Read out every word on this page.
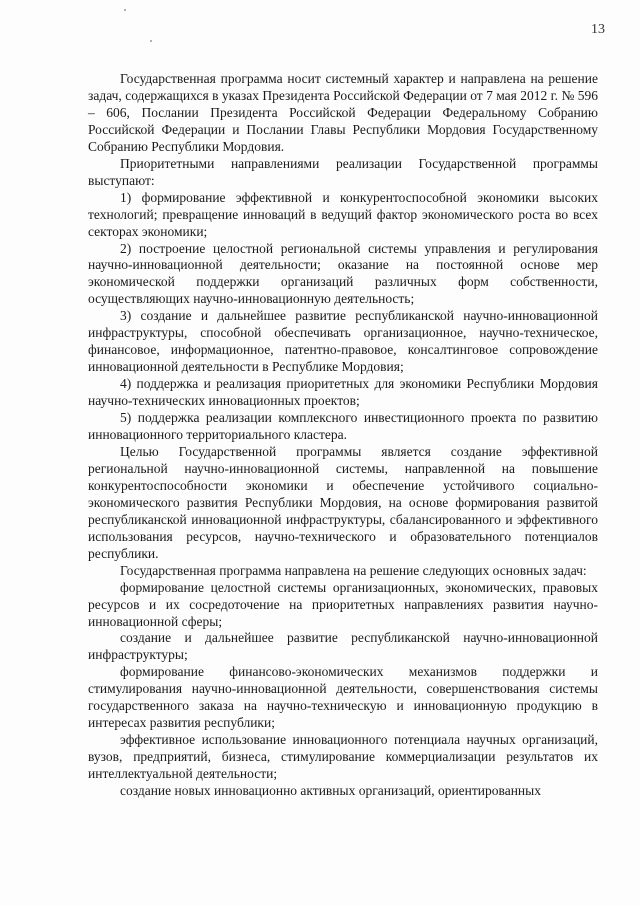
13

Государственная программа носит системный характер и направлена на решение задач, содержащихся в указах Президента Российской Федерации от 7 мая 2012 г. № 596 – 606, Послании Президента Российской Федерации Федеральному Собранию Российской Федерации и Послании Главы Республики Мордовия Государственному Собранию Республики Мордовия.

Приоритетными направлениями реализации Государственной программы выступают:

1) формирование эффективной и конкурентоспособной экономики высоких технологий; превращение инноваций в ведущий фактор экономического роста во всех секторах экономики;

2) построение целостной региональной системы управления и регулирования научно-инновационной деятельности; оказание на постоянной основе мер экономической поддержки организаций различных форм собственности, осуществляющих научно-инновационную деятельность;

3) создание и дальнейшее развитие республиканской научно-инновационной инфраструктуры, способной обеспечивать организационное, научно-техническое, финансовое, информационное, патентно-правовое, консалтинговое сопровождение инновационной деятельности в Республике Мордовия;

4) поддержка и реализация приоритетных для экономики Республики Мордовия научно-технических инновационных проектов;

5) поддержка реализации комплексного инвестиционного проекта по развитию инновационного территориального кластера.

Целью Государственной программы является создание эффективной региональной научно-инновационной системы, направленной на повышение конкурентоспособности экономики и обеспечение устойчивого социально-экономического развития Республики Мордовия, на основе формирования развитой республиканской инновационной инфраструктуры, сбалансированного и эффективного использования ресурсов, научно-технического и образовательного потенциалов республики.

Государственная программа направлена на решение следующих основных задач:

формирование целостной системы организационных, экономических, правовых ресурсов и их сосредоточение на приоритетных направлениях развития научно-инновационной сферы;

создание и дальнейшее развитие республиканской научно-инновационной инфраструктуры;

формирование финансово-экономических механизмов поддержки и стимулирования научно-инновационной деятельности, совершенствования системы государственного заказа на научно-техническую и инновационную продукцию в интересах развития республики;

эффективное использование инновационного потенциала научных организаций, вузов, предприятий, бизнеса, стимулирование коммерциализации результатов их интеллектуальной деятельности;

создание новых инновационно активных организаций, ориентированных
